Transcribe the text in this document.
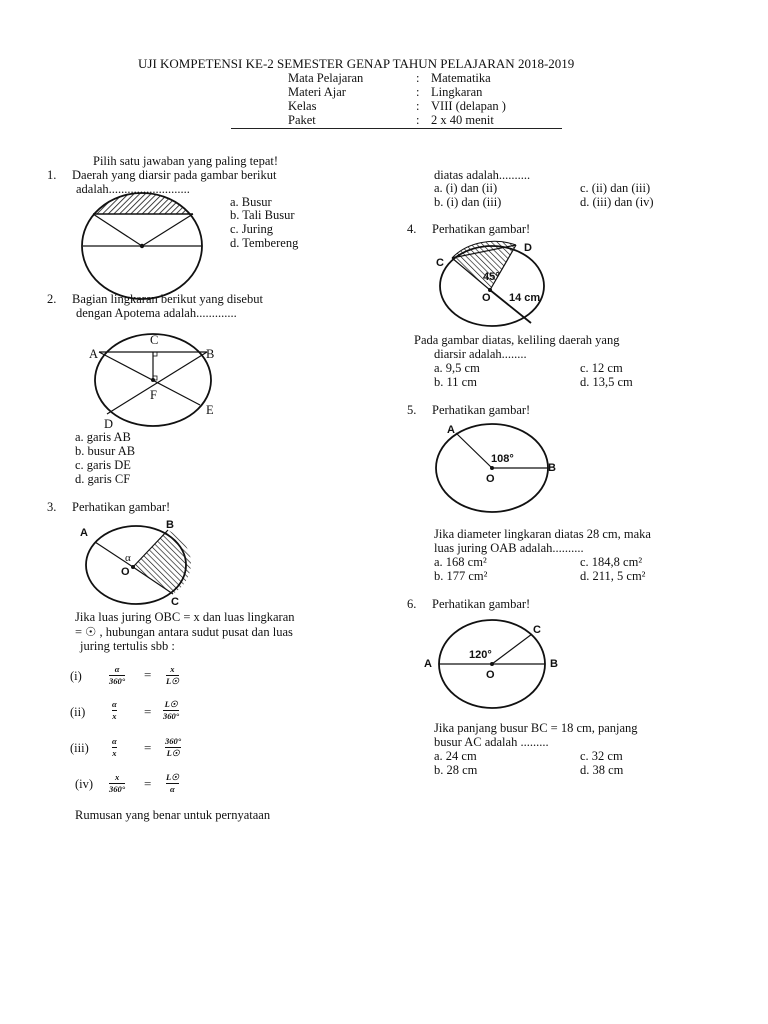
UJI KOMPETENSI KE-2 SEMESTER GENAP TAHUN PELAJARAN 2018-2019
Mata Pelajaran	: Matematika
Materi Ajar	: Lingkaran
Kelas	: VIII (delapan )
Paket	: 2 x 40 menit
Pilih satu jawaban yang paling tepat!
1. Daerah yang diarsir pada gambar berikut
adalah..........................
a. Busur
b. Tali Busur
c. Juring
d. Tembereng
2. Bagian lingkaran berikut yang disebut
dengan Apotema adalah.............
C
A	B
F
E
D
a. garis AB
b. busur AB
c. garis DE
d. garis CF
3. Perhatikan gambar!
A
B
α
O
C
Jika luas juring OBC = x dan luas lingkaran
= ☉ , hubungan antara sudut pusat dan luas
juring tertulis sbb :
(i)	α
360° = x
L☉
(ii)
α
x = L☉
360°
(iii)	α
x = 360°
L☉
(iv)	x
360° = L☉
α
Rumusan yang benar untuk pernyataan
diatas adalah..........
a. (i) dan (ii)	c. (ii) dan (iii)
b. (i) dan (iii)	d. (iii) dan (iv)
4. Perhatikan gambar!
D
C
45°
O 14 cm
Pada gambar diatas, keliling daerah yang
diarsir adalah........
a. 9,5 cm	c. 12 cm
b. 11 cm	d. 13,5 cm
5. Perhatikan gambar!
A
108°
B
O
Jika diameter lingkaran diatas 28 cm, maka
luas juring OAB adalah..........
a. 168 cm²	c. 184,8 cm²
b. 177 cm²	d. 211, 5 cm²
6. Perhatikan gambar!
C
120°
A	B
O
Jika panjang busur BC = 18 cm, panjang
busur AC adalah .........
a. 24 cm	c. 32 cm
b. 28 cm	d. 38 cm
